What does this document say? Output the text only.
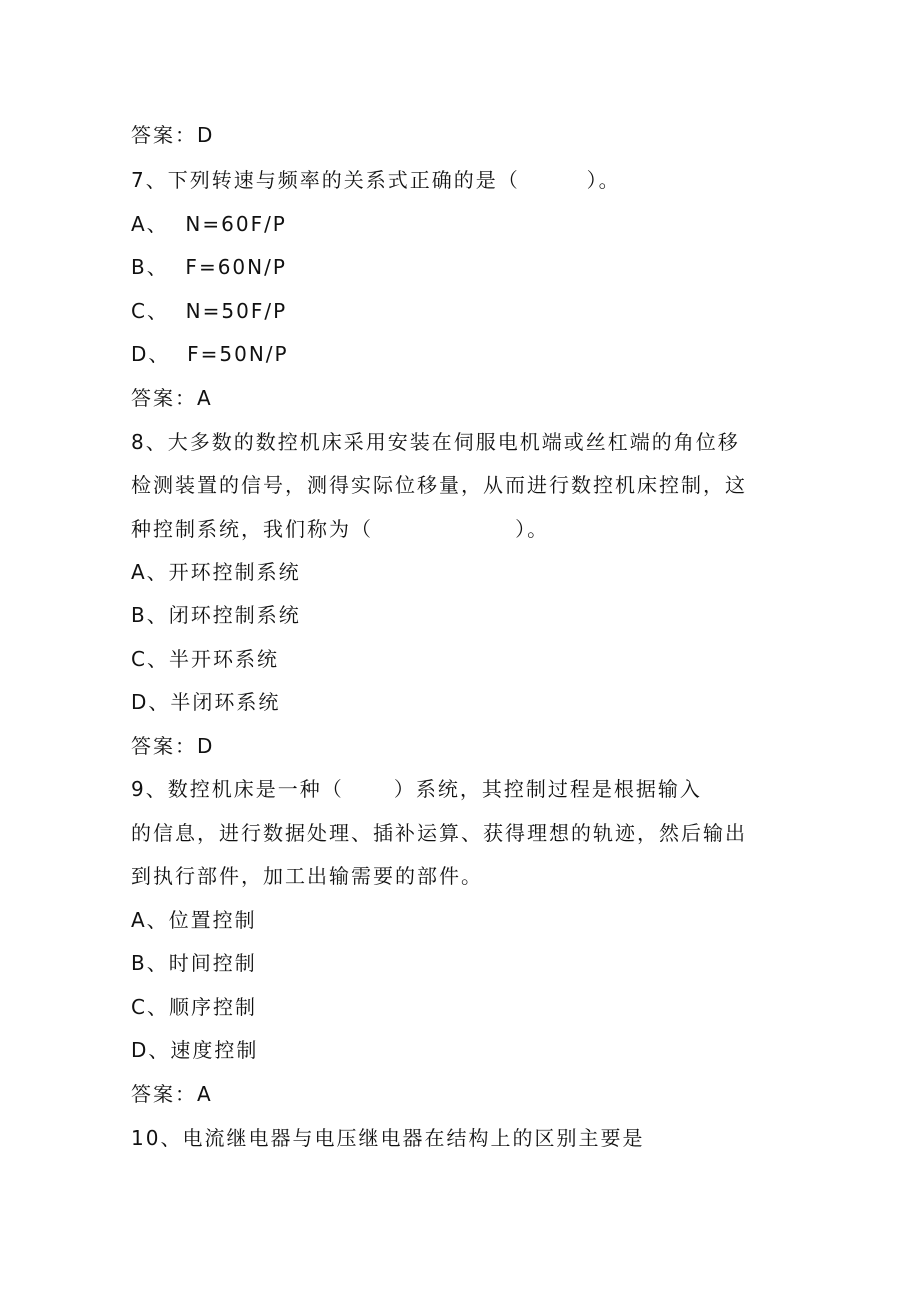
答案：D
7、下列转速与频率的关系式正确的是（        ）。
A、  N=60F/P
B、  F=60N/P
C、  N=50F/P
D、  F=50N/P
答案：A
8、大多数的数控机床采用安装在伺服电机端或丝杠端的角位移
检测装置的信号，测得实际位移量，从而进行数控机床控制，这
种控制系统，我们称为（                 ）。
A、开环控制系统
B、闭环控制系统
C、半开环系统
D、半闭环系统
答案：D
9、数控机床是一种（      ）系统，其控制过程是根据输入
的信息，进行数据处理、插补运算、获得理想的轨迹，然后输出
到执行部件，加工出输需要的部件。
A、位置控制
B、时间控制
C、顺序控制
D、速度控制
答案：A
10、电流继电器与电压继电器在结构上的区别主要是
